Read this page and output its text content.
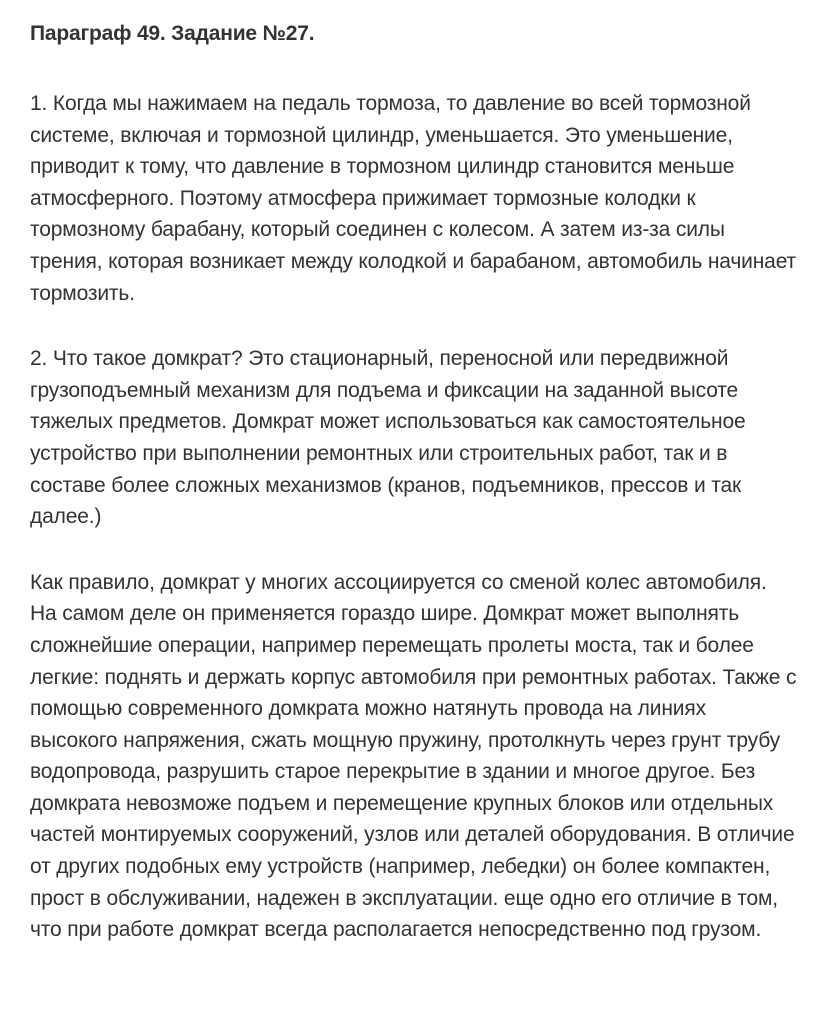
Параграф 49. Задание №27.

1. Когда мы нажимаем на педаль тормоза, то давление во всей тормозной системе, включая и тормозной цилиндр, уменьшается. Это уменьшение, приводит к тому, что давление в тормозном цилиндр становится меньше атмосферного. Поэтому атмосфера прижимает тормозные колодки к тормозному барабану, который соединен с колесом. А затем из-за силы трения, которая возникает между колодкой и барабаном, автомобиль начинает тормозить.

2. Что такое домкрат? Это стационарный, переносной или передвижной грузоподъемный механизм для подъема и фиксации на заданной высоте тяжелых предметов. Домкрат может использоваться как самостоятельное устройство при выполнении ремонтных или строительных работ, так и в составе более сложных механизмов (кранов, подъемников, прессов и так далее.)

Как правило, домкрат у многих ассоциируется со сменой колес автомобиля. На самом деле он применяется гораздо шире. Домкрат может выполнять сложнейшие операции, например перемещать пролеты моста, так и более легкие: поднять и держать корпус автомобиля при ремонтных работах. Также с помощью современного домкрата можно натянуть провода на линиях высокого напряжения, сжать мощную пружину, протолкнуть через грунт трубу водопровода, разрушить старое перекрытие в здании и многое другое. Без домкрата невозможе подъем и перемещение крупных блоков или отдельных частей монтируемых сооружений, узлов или деталей оборудования. В отличие от других подобных ему устройств (например, лебедки) он более компактен, прост в обслуживании, надежен в эксплуатации. еще одно его отличие в том, что при работе домкрат всегда располагается непосредственно под грузом.
